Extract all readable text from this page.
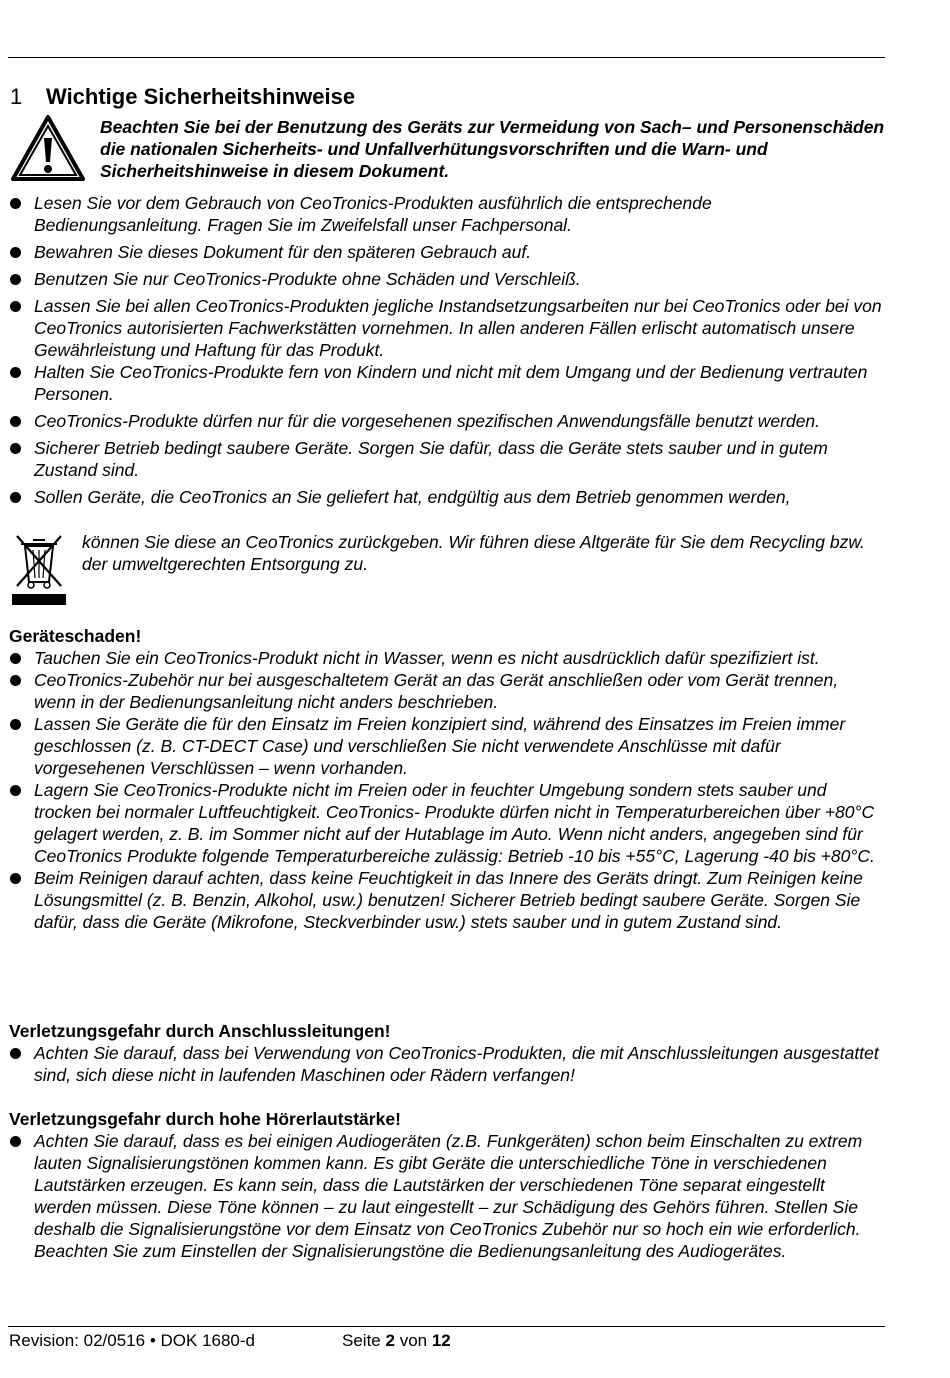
1 Wichtige Sicherheitshinweise
Beachten Sie bei der Benutzung des Geräts zur Vermeidung von Sach– und Personenschäden die nationalen Sicherheits- und Unfallverhütungsvorschriften und die Warn- und Sicherheitshinweise in diesem Dokument.
Lesen Sie vor dem Gebrauch von CeoTronics-Produkten ausführlich die entsprechende Bedienungsanleitung. Fragen Sie im Zweifelsfall unser Fachpersonal.
Bewahren Sie dieses Dokument für den späteren Gebrauch auf.
Benutzen Sie nur CeoTronics-Produkte ohne Schäden und Verschleiß.
Lassen Sie bei allen CeoTronics-Produkten jegliche Instandsetzungsarbeiten nur bei CeoTronics oder bei von CeoTronics autorisierten Fachwerkstätten vornehmen. In allen anderen Fällen erlischt automatisch unsere Gewährleistung und Haftung für das Produkt.
Halten Sie CeoTronics-Produkte fern von Kindern und nicht mit dem Umgang und der Bedienung vertrauten Personen.
CeoTronics-Produkte dürfen nur für die vorgesehenen spezifischen Anwendungsfälle benutzt werden.
Sicherer Betrieb bedingt saubere Geräte. Sorgen Sie dafür, dass die Geräte stets sauber und in gutem Zustand sind.
Sollen Geräte, die CeoTronics an Sie geliefert hat, endgültig aus dem Betrieb genommen werden,
können Sie diese an CeoTronics zurückgeben. Wir führen diese Altgeräte für Sie dem Recycling bzw. der umweltgerechten Entsorgung zu.
Geräteschaden!
Tauchen Sie ein CeoTronics-Produkt nicht in Wasser, wenn es nicht ausdrücklich dafür spezifiziert ist.
CeoTronics-Zubehör nur bei ausgeschaltetem Gerät an das Gerät anschließen oder vom Gerät trennen, wenn in der Bedienungsanleitung nicht anders beschrieben.
Lassen Sie Geräte die für den Einsatz im Freien konzipiert sind, während des Einsatzes im Freien immer geschlossen (z. B. CT-DECT Case) und verschließen Sie nicht verwendete Anschlüsse mit dafür vorgesehenen Verschlüssen – wenn vorhanden.
Lagern Sie CeoTronics-Produkte nicht im Freien oder in feuchter Umgebung sondern stets sauber und trocken bei normaler Luftfeuchtigkeit. CeoTronics- Produkte dürfen nicht in Temperaturbereichen über +80°C gelagert werden, z. B. im Sommer nicht auf der Hutablage im Auto. Wenn nicht anders, angegeben sind für CeoTronics Produkte folgende Temperaturbereiche zulässig: Betrieb -10 bis +55°C, Lagerung -40 bis +80°C.
Beim Reinigen darauf achten, dass keine Feuchtigkeit in das Innere des Geräts dringt. Zum Reinigen keine Lösungsmittel (z. B. Benzin, Alkohol, usw.) benutzen! Sicherer Betrieb bedingt saubere Geräte. Sorgen Sie dafür, dass die Geräte (Mikrofone, Steckverbinder usw.) stets sauber und in gutem Zustand sind.
Verletzungsgefahr durch Anschlussleitungen!
Achten Sie darauf, dass bei Verwendung von CeoTronics-Produkten, die mit Anschlussleitungen ausgestattet sind, sich diese nicht in laufenden Maschinen oder Rädern verfangen!
Verletzungsgefahr durch hohe Hörerlautstärke!
Achten Sie darauf, dass es bei einigen Audiogeräten (z.B. Funkgeräten) schon beim Einschalten zu extrem lauten Signalisierungstönen kommen kann. Es gibt Geräte die unterschiedliche Töne in verschiedenen Lautstärken erzeugen. Es kann sein, dass die Lautstärken der verschiedenen Töne separat eingestellt werden müssen. Diese Töne können – zu laut eingestellt – zur Schädigung des Gehörs führen. Stellen Sie deshalb die Signalisierungstöne vor dem Einsatz von CeoTronics Zubehör nur so hoch ein wie erforderlich. Beachten Sie zum Einstellen der Signalisierungstöne die Bedienungsanleitung des Audiogerätes.
Revision: 02/0516 • DOK 1680-d	Seite 2 von 12
